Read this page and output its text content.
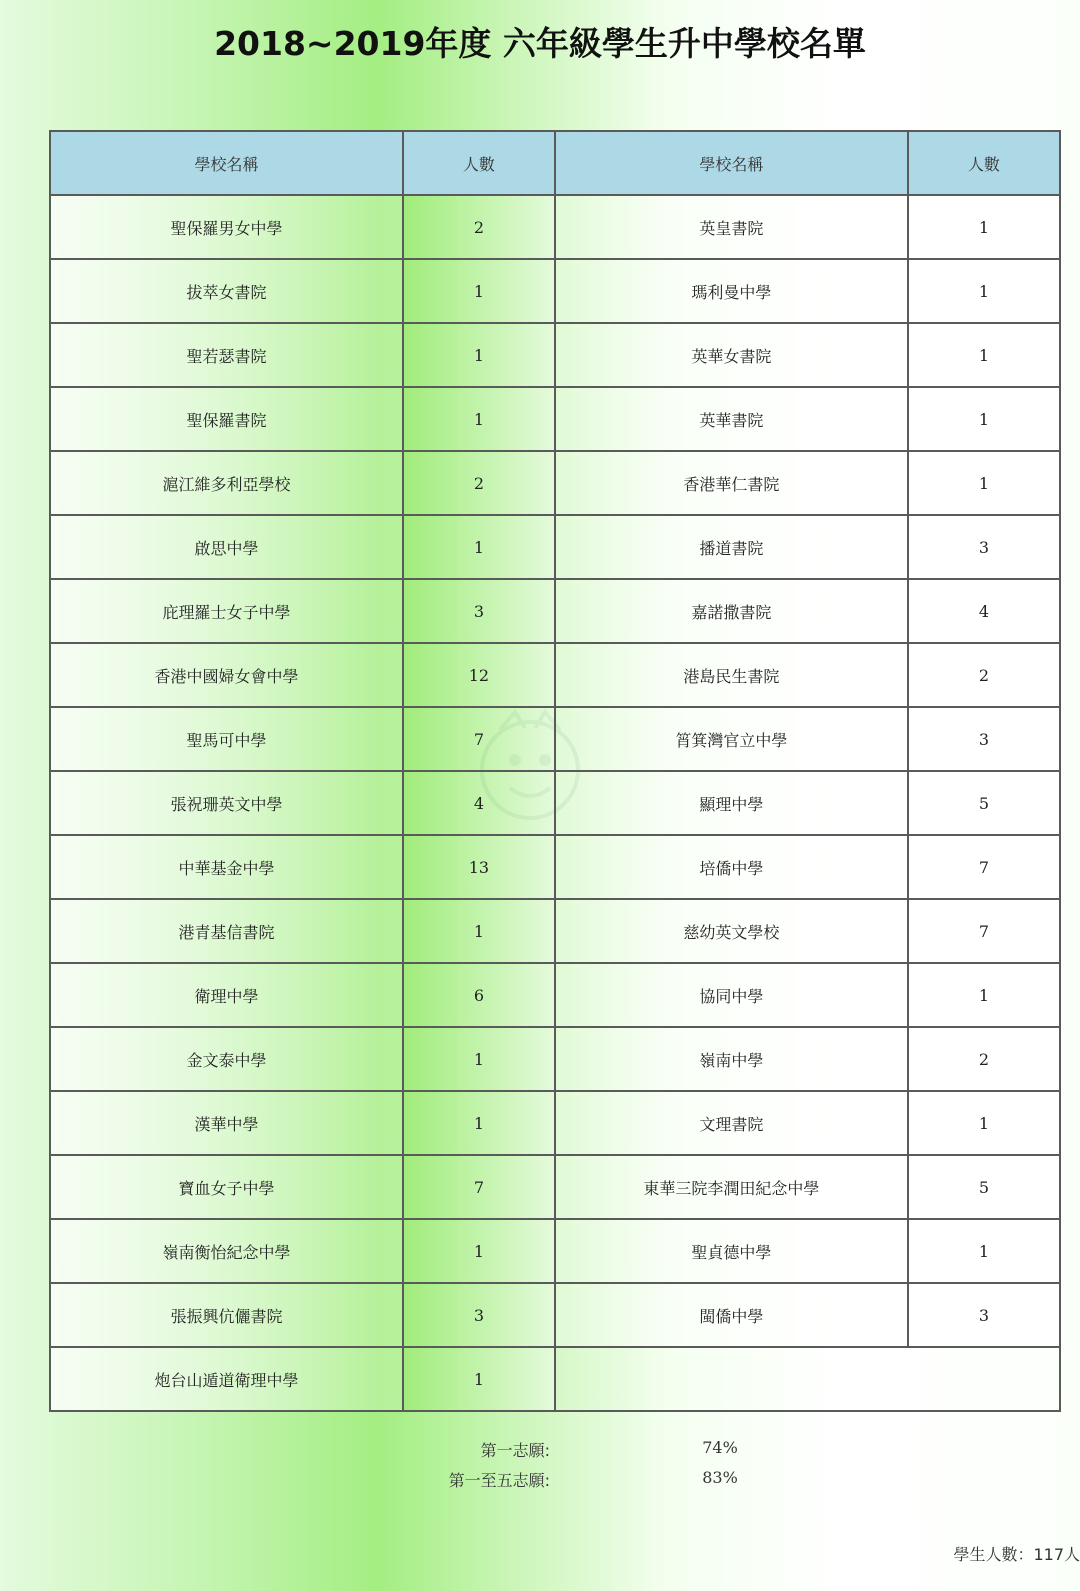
2018~2019年度 六年級學生升中學校名單
學校名稱	人數	學校名稱	人數
聖保羅男女中學	2	英皇書院	1
拔萃女書院	1	瑪利曼中學	1
聖若瑟書院	1	英華女書院	1
聖保羅書院	1	英華書院	1
滬江維多利亞學校	2	香港華仁書院	1
啟思中學	1	播道書院	3
庇理羅士女子中學	3	嘉諾撒書院	4
香港中國婦女會中學	12	港島民生書院	2
聖馬可中學	7	筲箕灣官立中學	3
張祝珊英文中學	4	顯理中學	5
中華基金中學	13	培僑中學	7
港青基信書院	1	慈幼英文學校	7
衛理中學	6	協同中學	1
金文泰中學	1	嶺南中學	2
漢華中學	1	文理書院	1
寶血女子中學	7	東華三院李潤田紀念中學	5
嶺南衡怡紀念中學	1	聖貞德中學	1
張振興伉儷書院	3	閩僑中學	3
炮台山遁道衛理中學	1		
第一志願:	74%
第一至五志願:	83%
學生人數：117人
